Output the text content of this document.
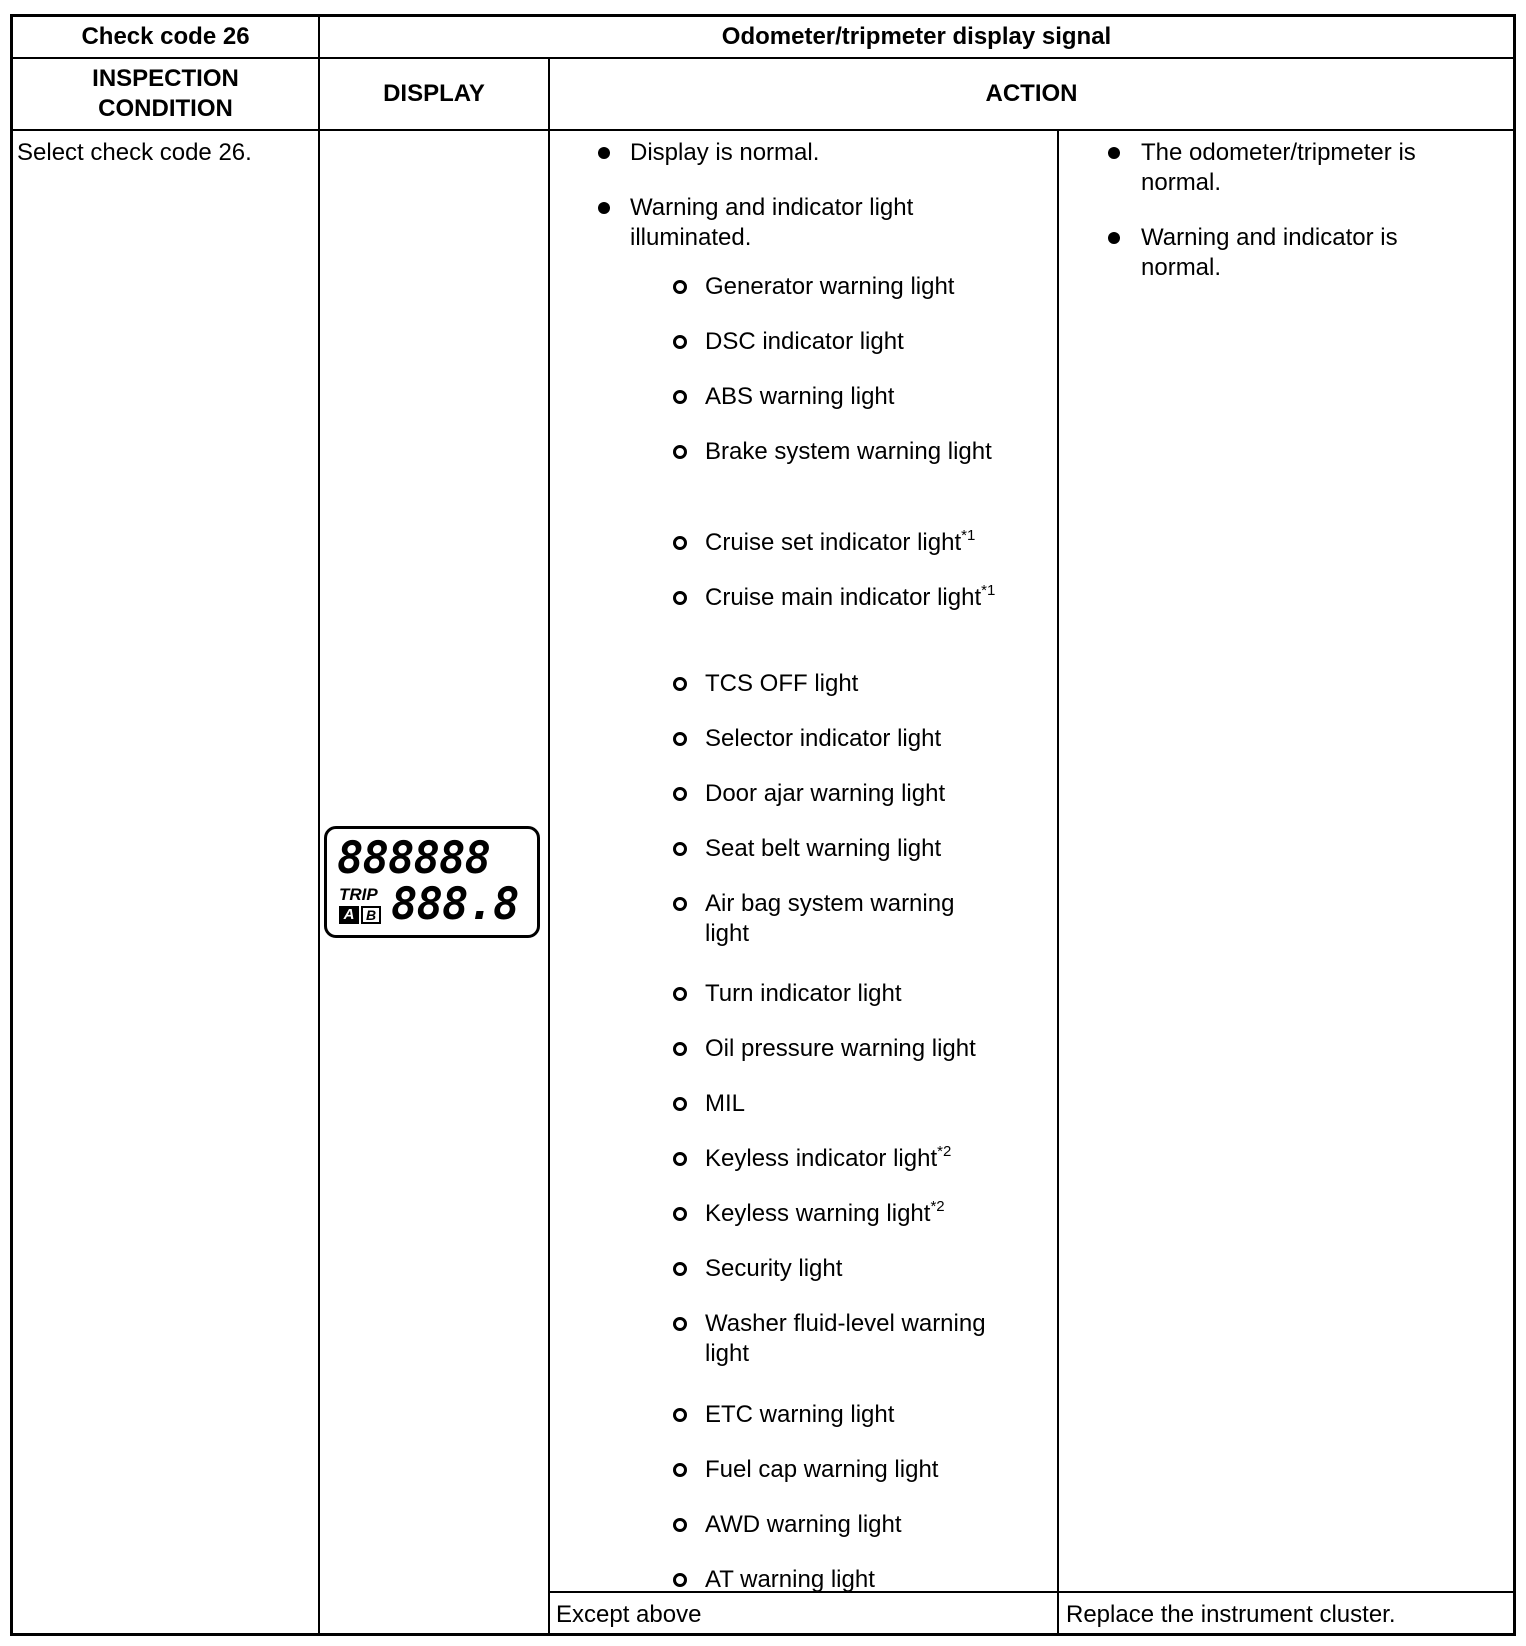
Check code 26	Odometer/tripmeter display signal
INSPECTION
CONDITION
DISPLAY	ACTION
Select check code 26.
888888
TRIP
A B 888.8
Display is normal.
Warning and indicator light illuminated.
Generator warning light
DSC indicator light
ABS warning light
Brake system warning light
Cruise set indicator light$^{*1}$
Cruise main indicator light$^{*1}$
TCS OFF light
Selector indicator light
Door ajar warning light
Seat belt warning light
Air bag system warning light
Turn indicator light
Oil pressure warning light
MIL
Keyless indicator light$^{*2}$
Keyless warning light$^{*2}$
Security light
Washer fluid-level warning light
ETC warning light
Fuel cap warning light
AWD warning light
AT warning light
Except above
The odometer/tripmeter is normal.
Warning and indicator is normal.
Replace the instrument cluster.
